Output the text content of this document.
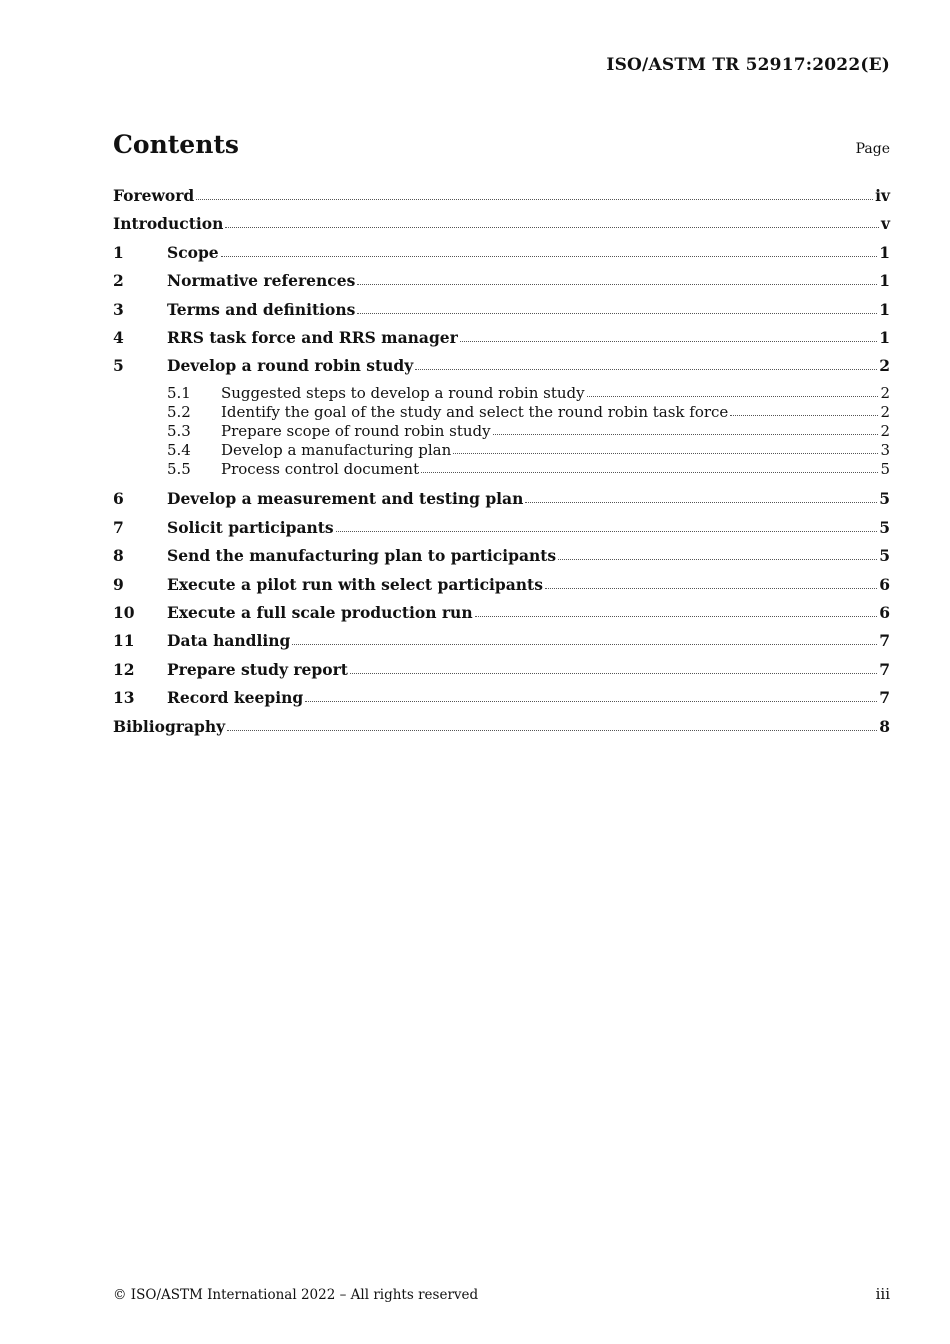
ISO/ASTM TR 52917:2022(E)
Contents	Page
Foreword	iv
Introduction	v
1	Scope	1
2	Normative references	1
3	Terms and definitions	1
4	RRS task force and RRS manager	1
5	Develop a round robin study	2
5.1	Suggested steps to develop a round robin study	2
5.2	Identify the goal of the study and select the round robin task force	2
5.3	Prepare scope of round robin study	2
5.4	Develop a manufacturing plan	3
5.5	Process control document	5
6	Develop a measurement and testing plan	5
7	Solicit participants	5
8	Send the manufacturing plan to participants	5
9	Execute a pilot run with select participants	6
10	Execute a full scale production run	6
11	Data handling	7
12	Prepare study report	7
13	Record keeping	7
Bibliography	8
© ISO/ASTM International 2022 – All rights reserved	iii
